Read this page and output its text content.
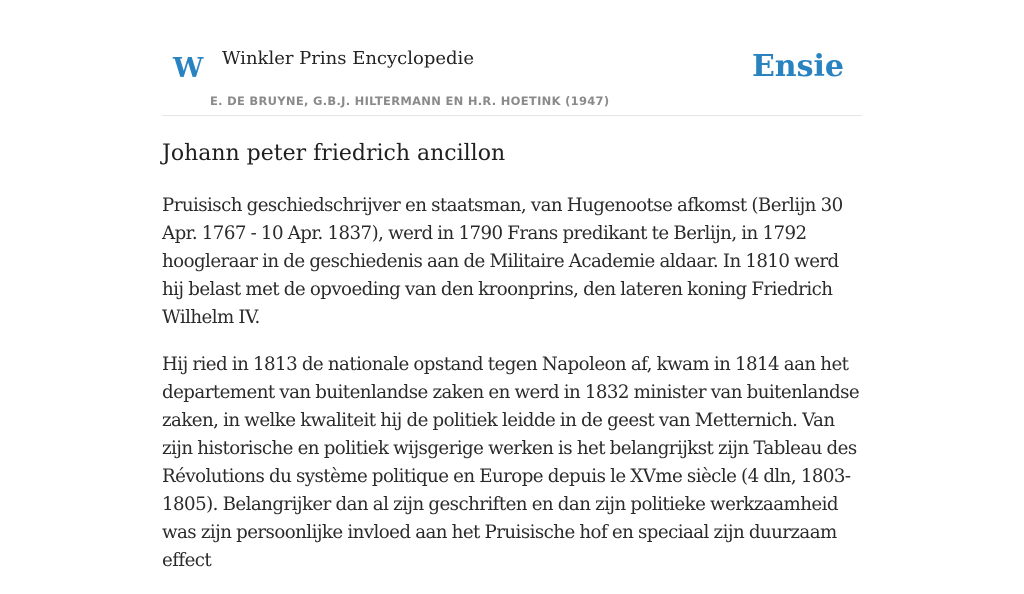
W Winkler Prins Encyclopedie
E. DE BRUYNE, G.B.J. HILTERMANN EN H.R. HOETINK (1947)
Ensie
Johann peter friedrich ancillon

Pruisisch geschiedschrijver en staatsman, van Hugenootse afkomst (Berlijn 30 Apr. 1767 - 10 Apr. 1837), werd in 1790 Frans predikant te Berlijn, in 1792 hoogleraar in de geschiedenis aan de Militaire Academie aldaar. In 1810 werd hij belast met de opvoeding van den kroonprins, den lateren koning Friedrich Wilhelm IV.

Hij ried in 1813 de nationale opstand tegen Napoleon af, kwam in 1814 aan het departement van buitenlandse zaken en werd in 1832 minister van buitenlandse zaken, in welke kwaliteit hij de politiek leidde in de geest van Metternich. Van zijn historische en politiek wijsgerige werken is het belangrijkst zijn Tableau des Révolutions du système politique en Europe depuis le XVme siècle (4 dln, 1803-1805). Belangrijker dan al zijn geschriften en dan zijn politieke werkzaamheid was zijn persoonlijke invloed aan het Pruisische hof en speciaal zijn duurzaam effect
